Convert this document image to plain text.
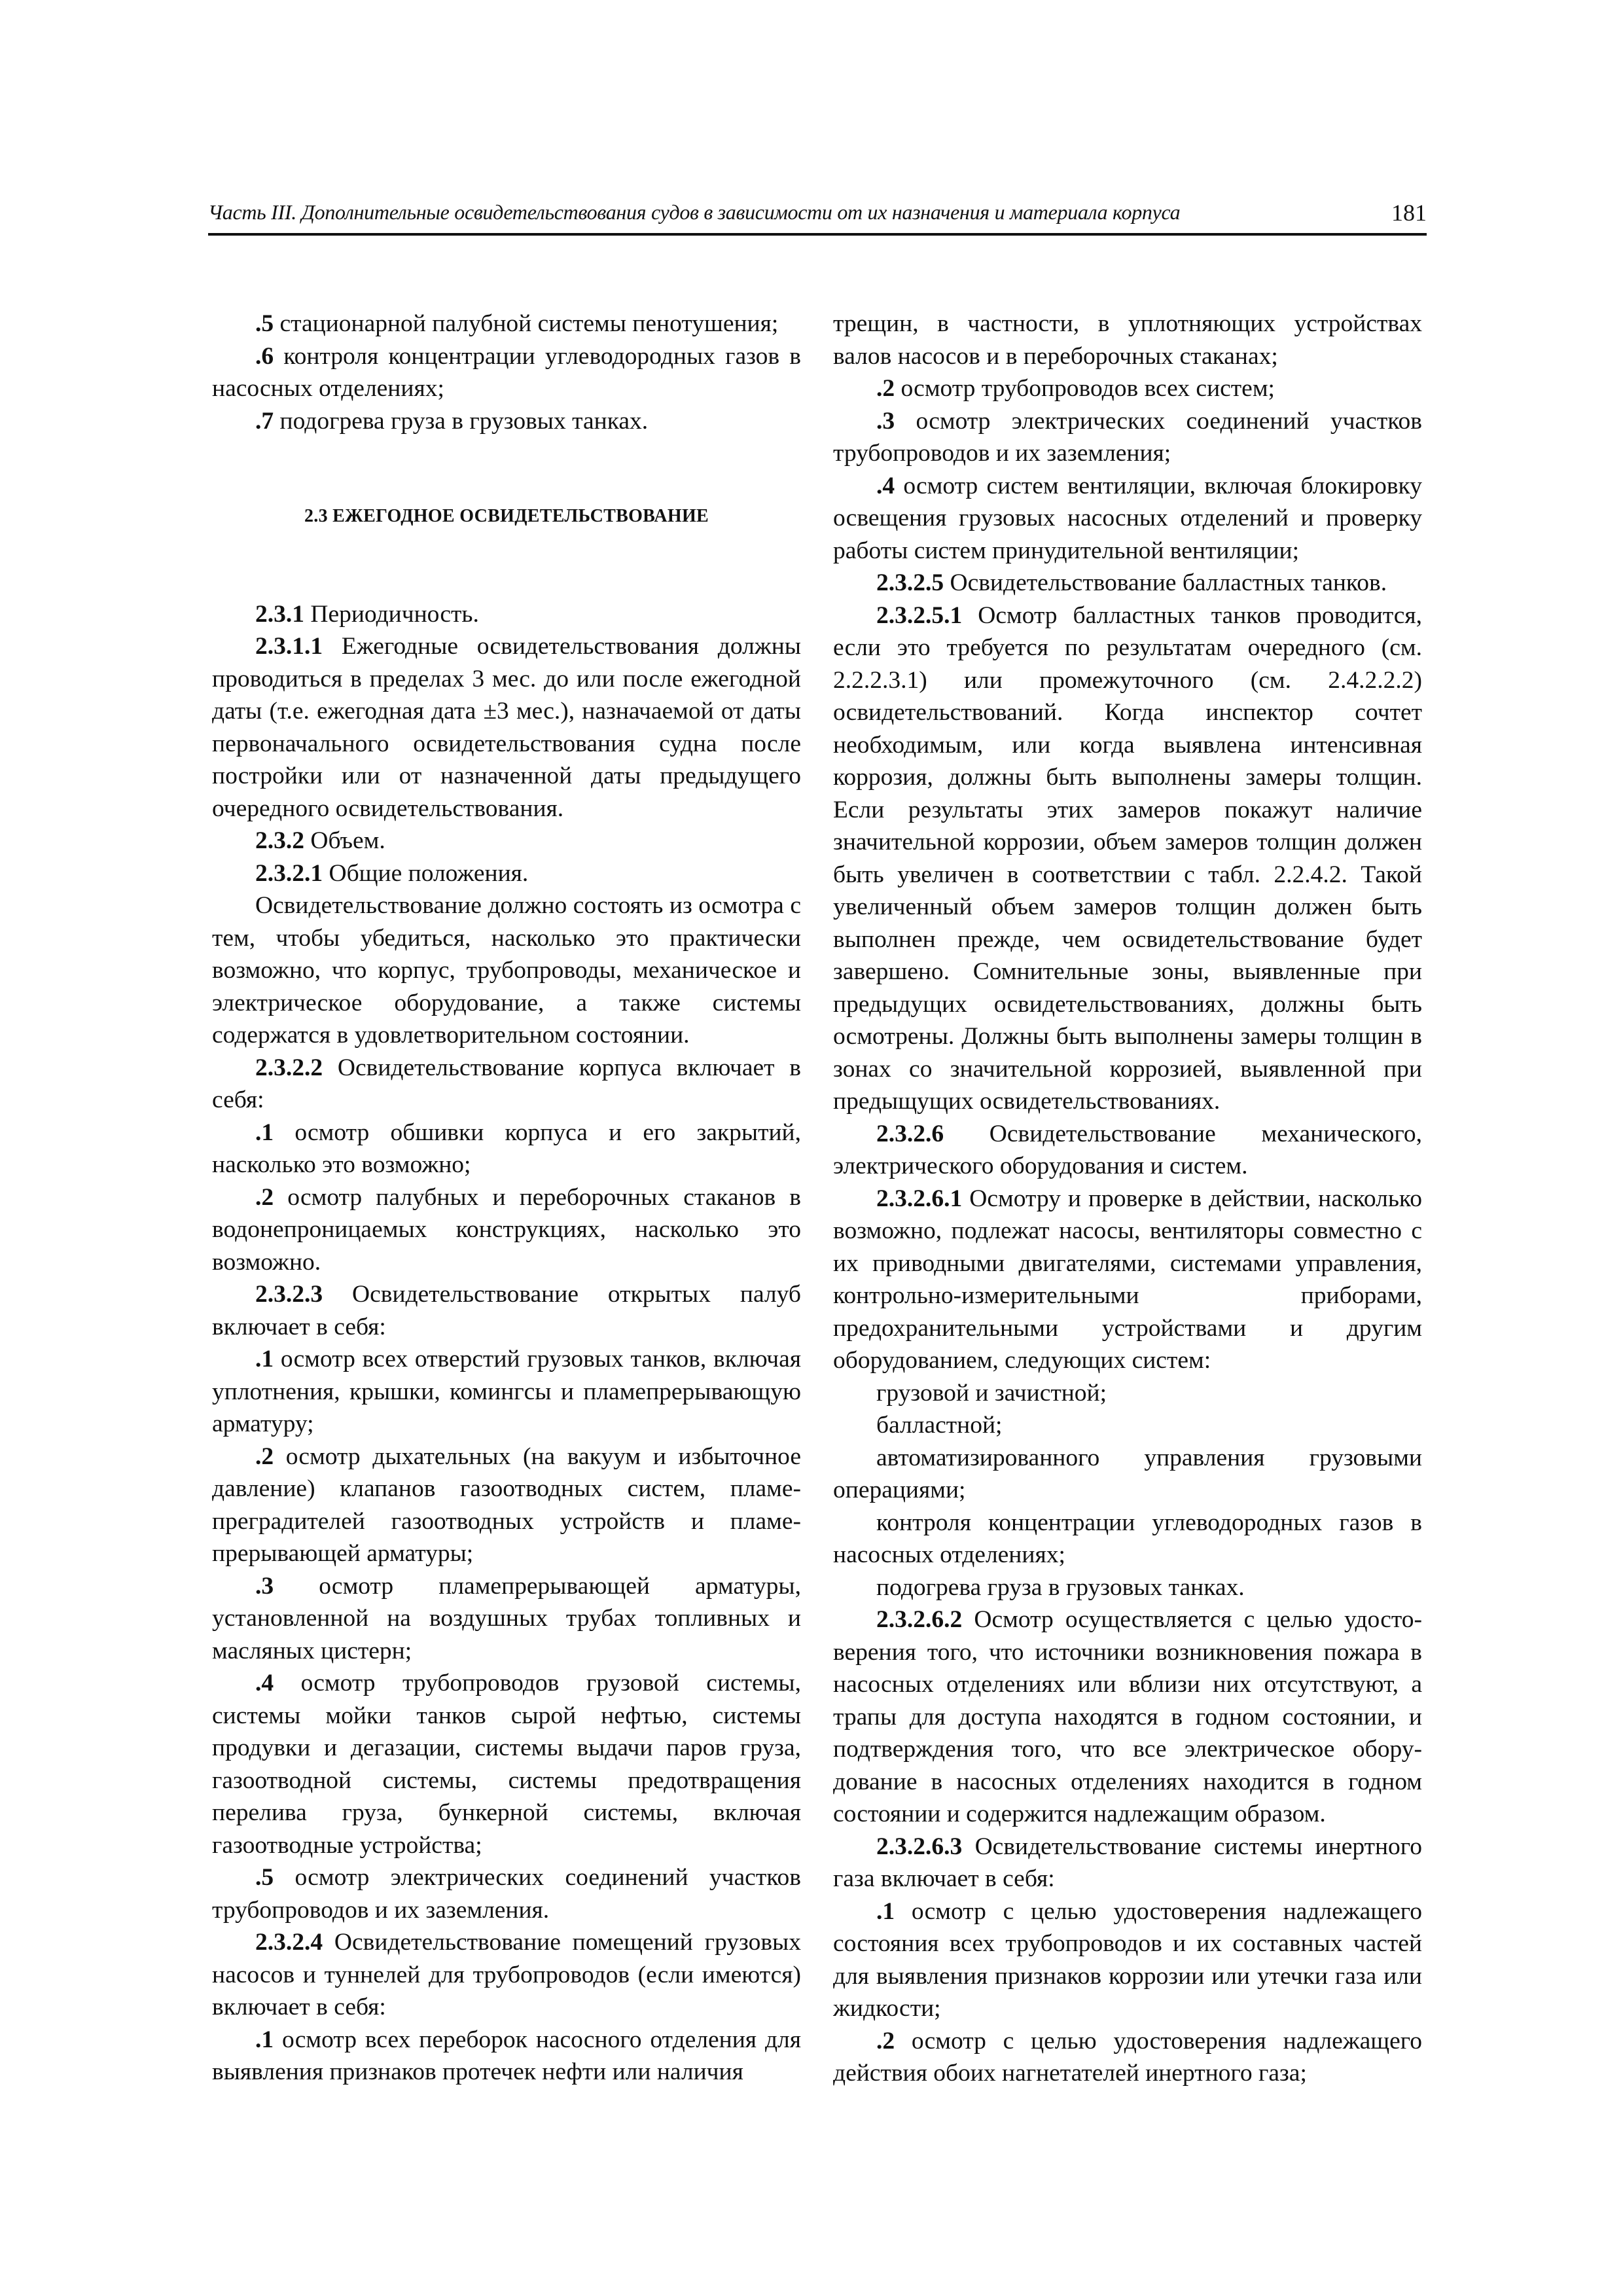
Часть III. Дополнительные освидетельствования судов в зависимости от их назначения и материала корпуса	181

.5 стационарной палубной системы пенотушения;

.6 контроля концентрации углеводородных газов в насосных отделениях;

.7 подогрева груза в грузовых танках.

2.3 ЕЖЕГОДНОЕ ОСВИДЕТЕЛЬСТВОВАНИЕ

2.3.1 Периодичность.

2.3.1.1 Ежегодные освидетельствования должны проводиться в пределах 3 мес. до или после ежегодной даты (т.е. ежегодная дата ±3 мес.), назначаемой от даты первоначального освидетельствования судна после постройки или от назначенной даты предыдущего очередного освидетельствования.

2.3.2 Объем.

2.3.2.1 Общие положения.

Освидетельствование должно состоять из осмотра с тем, чтобы убедиться, насколько это практически возможно, что корпус, трубопроводы, механическое и электрическое оборудование, а также системы содержатся в удовлетворительном состоянии.

2.3.2.2 Освидетельствование корпуса включает в себя:

.1 осмотр обшивки корпуса и его закрытий, насколько это возможно;

.2 осмотр палубных и переборочных стаканов в водонепроницаемых конструкциях, насколько это возможно.

2.3.2.3 Освидетельствование открытых палуб включает в себя:

.1 осмотр всех отверстий грузовых танков, включая уплотнения, крышки, комингсы и пламепрерывающую арматуру;

.2 осмотр дыхательных (на вакуум и избыточное давление) клапанов газоотводных систем, пламепреградителей газоотводных устройств и пламепрерывающей арматуры;

.3 осмотр пламепрерывающей арматуры, установленной на воздушных трубах топливных и масляных цистерн;

.4 осмотр трубопроводов грузовой системы, системы мойки танков сырой нефтью, системы продувки и дегазации, системы выдачи паров груза, газоотводной системы, системы предотвращения перелива груза, бункерной системы, включая газоотводные устройства;

.5 осмотр электрических соединений участков трубопроводов и их заземления.

2.3.2.4 Освидетельствование помещений грузовых насосов и туннелей для трубопроводов (если имеются) включает в себя:

.1 осмотр всех переборок насосного отделения для выявления признаков протечек нефти или наличия

трещин, в частности, в уплотняющих устройствах валов насосов и в переборочных стаканах;

.2 осмотр трубопроводов всех систем;

.3 осмотр электрических соединений участков трубопроводов и их заземления;

.4 осмотр систем вентиляции, включая блокировку освещения грузовых насосных отделений и проверку работы систем принудительной вентиляции;

2.3.2.5 Освидетельствование балластных танков.

2.3.2.5.1 Осмотр балластных танков проводится, если это требуется по результатам очередного (см. 2.2.2.3.1) или промежуточного (см. 2.4.2.2.2) освидетельствований. Когда инспектор сочтет необходимым, или когда выявлена интенсивная коррозия, должны быть выполнены замеры толщин. Если результаты этих замеров покажут наличие значительной коррозии, объем замеров толщин должен быть увеличен в соответствии с табл. 2.2.4.2. Такой увеличенный объем замеров толщин должен быть выполнен прежде, чем освидетельствование будет завершено. Сомнительные зоны, выявленные при предыдущих освидетельствованиях, должны быть осмотрены. Должны быть выполнены замеры толщин в зонах со значительной коррозией, выявленной при предыщущих освидетельствованиях.

2.3.2.6 Освидетельствование механического, электрического оборудования и систем.

2.3.2.6.1 Осмотру и проверке в действии, насколько возможно, подлежат насосы, вентиляторы совместно с их приводными двигателями, системами управления, контрольно-измерительными приборами, предохранительными устройствами и другим оборудованием, следующих систем:

грузовой и зачистной;

балластной;

автоматизированного управления грузовыми операциями;

контроля концентрации углеводородных газов в насосных отделениях;

подогрева груза в грузовых танках.

2.3.2.6.2 Осмотр осуществляется с целью удостоверения того, что источники возникновения пожара в насосных отделениях или вблизи них отсутствуют, а трапы для доступа находятся в годном состоянии, и подтверждения того, что все электрическое оборудование в насосных отделениях находится в годном состоянии и содержится надлежащим образом.

2.3.2.6.3 Освидетельствование системы инертного газа включает в себя:

.1 осмотр с целью удостоверения надлежащего состояния всех трубопроводов и их составных частей для выявления признаков коррозии или утечки газа или жидкости;

.2 осмотр с целью удостоверения надлежащего действия обоих нагнетателей инертного газа;
